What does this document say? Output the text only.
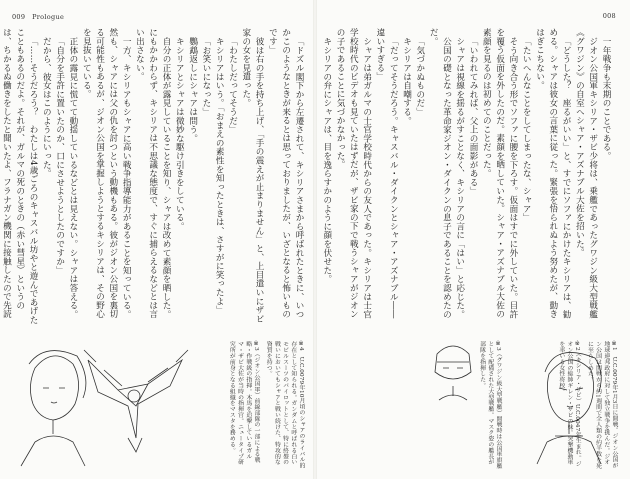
009　Prologue

「ドズル閣下から左遷されて、キシリアさまから呼ばれたときに、いつかこのようなときが来るとは思っておりましたが、いざとなると怖いものです」

彼は右の手を持ち上げ、「手の震えが止まりません」と、上目遣いにザビ家の女を見遣った。

「わたしだってそうだ」

キシリアはいう。「おまえの素性を知ったときは、さすがに笑ったよ」

「お笑いになった」

鸚鵡返しにシャアは問う。

キシリアとシャアは微妙な駆け引きをしている。

自分の正体が露見していることを知り、シャアは改めて素顔を晒した。にもかかわらず、キシリアは不思議な態度で、すぐに捕らえるなどとは言い出さない。

一方、キシリアもシャアに高い戦争指導能力があることを知っている。然も、シャアには父の仇を討つという動機もある。彼がジオン公国を裏切る可能性もあるが、ジオン公国を掌握しようとするキシリアは、その野心を見抜いている。

正体の露見に慌てて動揺しているなどとは見えない。シャアは答える。

「自分を手許に置いたのか、口にさせようとしたのですか」

だから、彼女はこのようにいった。

「……そうだろう？　わたしは4歳ごろのキャスバル坊やと遊んであげたこともあるのだよ。それが、ガルマの死のときの（赤い彗星）というのは、ちかるぬ働きをしたと聞いたよ、フラナガン機関に接触したので先読

※4　U.C.0079年10月頃のシャアのライバル的存在として知られる。ガンダムと呼ばれる白いモビルスーツのパイロットとして、特に終盤の戦いにおいてもシャアと戦い続けた、特攻的な資質を持つ。

※3（ジオン公国軍）前線部隊の一部による戦略・作戦級の指揮。木馬を追撃しているガルマ・ザビ大佐が当時の指揮官。ニュータイプ研究所が前身となる組織をマスタを務める。

008

一年戦争も末期のことである。

ジオン公国軍キシリア・ザビ少将は、乗艦であったグワジン級大型戦艦《グワジン》の自室へシャア・アズナブル大佐を招いた。

「どうした？　座るがいい」と、すでにソファにかけたキシリアは、勧める。シャアは彼女の言葉に従った。緊張を悟られぬよう努めたが、動きはぎこちない。

「たいへんなことをしてしまったな、シャア」

そう向き合う形でソファに腰を下ろす。仮面はすでに外していた。目許を覆う仮面を外したのだ。素顔を晒していた。シャア・アズナブル大佐の素顔を見るのは初めてのことだった。

「いわれてみれば、父上の面影がある」

シャアは視線を揺るがすことなく、キシリアの言に「はい」と応じた。

公国の礎となった革命家ジオン・ダイクンの息子であることを認めたのだ。

「気づかぬものだ」

キシリアは自嘲する。

「だってそうだろう。キャスバル・ダイクンとシャア・アズナブル――違いすぎる」

シャアは弟ガルマの士官学校時代からの友人であった。キシリアは士官学校時代のビデオも見ていたはずだが、ザビ家の下で戦うシャアがジオンの子であることに気づかなかった。

キシリアの弁にシャアは、目を逸らすかのように顔を伏せた。

※1　U.C.0079年1月3日に開戦。ジオン公国が地球連邦政府に対して独立戦争を挑んだ。ジオン公国は開戦から約1週間で全人類の約半数を死に至らしめた。

※2（キシリア・ザビ）U.C.0047年生まれ。ジオン公国の総帥ギレン・ザビの妹。突撃機動軍を率いる女性将校。

※3（グワジン級大型戦艦）開戦時は公国軍旗艦として配備された大型戦艦。マスク姿の艦長が部隊を指揮した。
